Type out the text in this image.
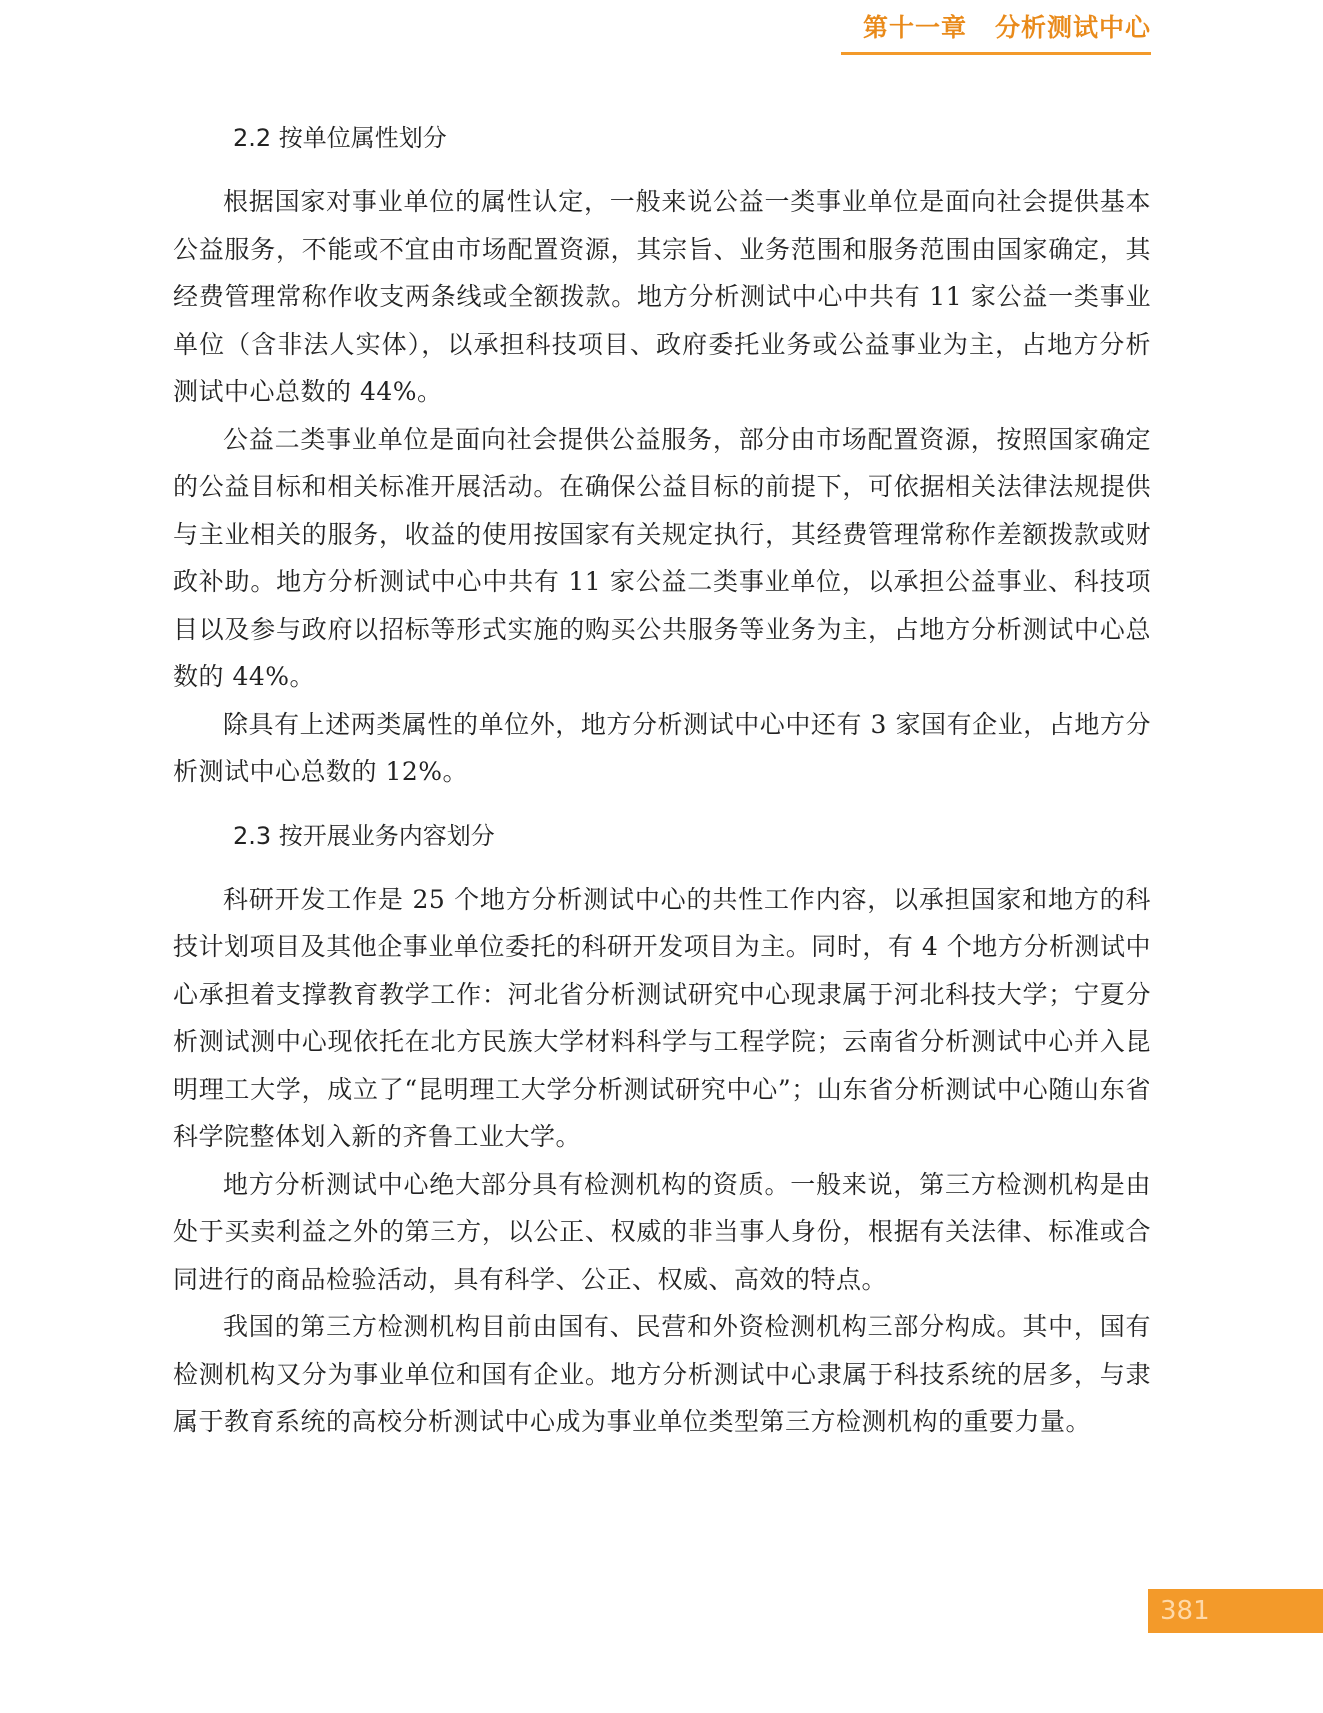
第十一章 分析测试中心
2.2 按单位属性划分

根据国家对事业单位的属性认定，一般来说公益一类事业单位是面向社会提供基本公益服务，不能或不宜由市场配置资源，其宗旨、业务范围和服务范围由国家确定，其经费管理常称作收支两条线或全额拨款。地方分析测试中心中共有 11 家公益一类事业单位（含非法人实体），以承担科技项目、政府委托业务或公益事业为主，占地方分析测试中心总数的 44%。

公益二类事业单位是面向社会提供公益服务，部分由市场配置资源，按照国家确定的公益目标和相关标准开展活动。在确保公益目标的前提下，可依据相关法律法规提供与主业相关的服务，收益的使用按国家有关规定执行，其经费管理常称作差额拨款或财政补助。地方分析测试中心中共有 11 家公益二类事业单位，以承担公益事业、科技项目以及参与政府以招标等形式实施的购买公共服务等业务为主，占地方分析测试中心总数的 44%。

除具有上述两类属性的单位外，地方分析测试中心中还有 3 家国有企业，占地方分析测试中心总数的 12%。

2.3 按开展业务内容划分

科研开发工作是 25 个地方分析测试中心的共性工作内容，以承担国家和地方的科技计划项目及其他企事业单位委托的科研开发项目为主。同时，有 4 个地方分析测试中心承担着支撑教育教学工作：河北省分析测试研究中心现隶属于河北科技大学；宁夏分析测试测中心现依托在北方民族大学材料科学与工程学院；云南省分析测试中心并入昆明理工大学，成立了“昆明理工大学分析测试研究中心”；山东省分析测试中心随山东省科学院整体划入新的齐鲁工业大学。

地方分析测试中心绝大部分具有检测机构的资质。一般来说，第三方检测机构是由处于买卖利益之外的第三方，以公正、权威的非当事人身份，根据有关法律、标准或合同进行的商品检验活动，具有科学、公正、权威、高效的特点。

我国的第三方检测机构目前由国有、民营和外资检测机构三部分构成。其中，国有检测机构又分为事业单位和国有企业。地方分析测试中心隶属于科技系统的居多，与隶属于教育系统的高校分析测试中心成为事业单位类型第三方检测机构的重要力量。

381
